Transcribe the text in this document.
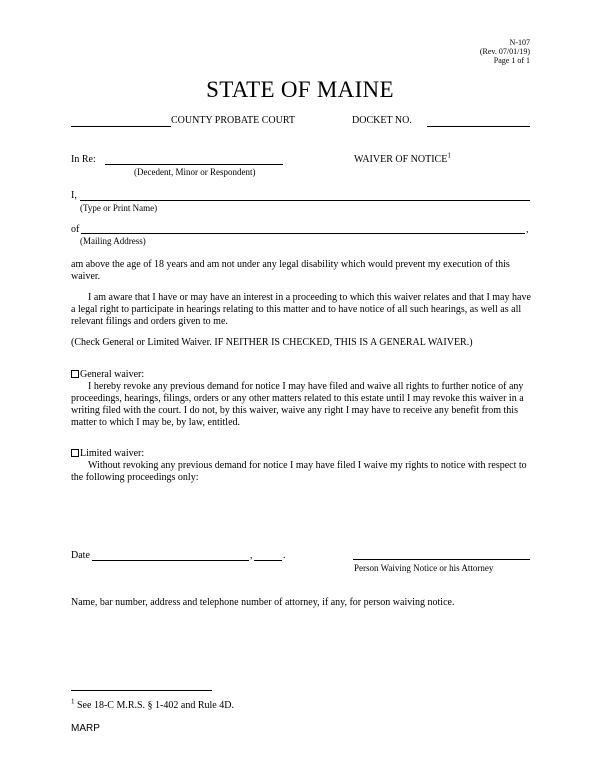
N-107
(Rev. 07/01/19)
Page 1 of 1
STATE OF MAINE
COUNTY PROBATE COURT	DOCKET NO.
In Re:
(Decedent, Minor or Respondent)
WAIVER OF NOTICE$^1$
I,
(Type or Print Name)
of	,
(Mailing Address)
am above the age of 18 years and am not under any legal disability which would prevent my execution of this waiver.
I am aware that I have or may have an interest in a proceeding to which this waiver relates and that I may have a legal right to participate in hearings relating to this matter and to have notice of all such hearings, as well as all relevant filings and orders given to me.
(Check General or Limited Waiver. IF NEITHER IS CHECKED, THIS IS A GENERAL WAIVER.)
General waiver:
I hereby revoke any previous demand for notice I may have filed and waive all rights to further notice of any proceedings, hearings, filings, orders or any other matters related to this estate until I may revoke this waiver in a writing filed with the court. I do not, by this waiver, waive any right I may have to receive any benefit from this matter to which I may be, by law, entitled.
Limited waiver:
Without revoking any previous demand for notice I may have filed I waive my rights to notice with respect to the following proceedings only:
Date	,	.
Person Waiving Notice or his Attorney
Name, bar number, address and telephone number of attorney, if any, for person waiving notice.
$^1$ See 18-C M.R.S. § 1-402 and Rule 4D.
MARP
